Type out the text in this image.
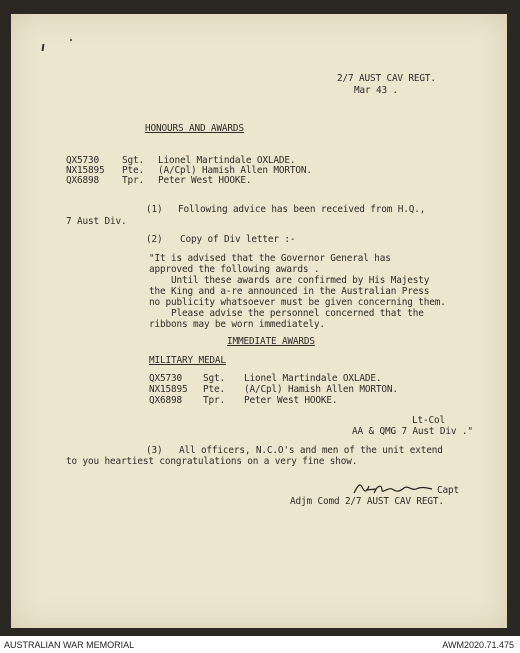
2/7 AUST CAV REGT.
Mar 43 .
HONOURS AND AWARDS
QX5730 Sgt. Lionel Martindale OXLADE.
NX15895 Pte. (A/Cpl) Hamish Allen MORTON.
QX6898 Tpr. Peter West HOOKE.
(1) Following advice has been received from H.Q.,
7 Aust Div.
(2) Copy of Div letter :-
"It is advised that the Governor General has
approved the following awards .
Until these awards are confirmed by His Majesty
the King and a-re announced in the Australian Press
no publicity whatsoever must be given concerning them.
Please advise the personnel concerned that the
ribbons may be worn immediately.
IMMEDIATE AWARDS
MILITARY MEDAL
QX5730 Sgt. Lionel Martindale OXLADE.
NX15895 Pte. (A/Cpl) Hamish Allen MORTON.
QX6898 Tpr. Peter West HOOKE.
Lt-Col
AA & QMG 7 Aust Div ."
(3)   All officers, N.C.O's and men of the unit extend
to you heartiest congratulations on a very fine show.
Capt
Adjm Comd 2/7 AUST CAV REGT.
AUSTRALIAN WAR MEMORIAL	AWM2020.71.475
